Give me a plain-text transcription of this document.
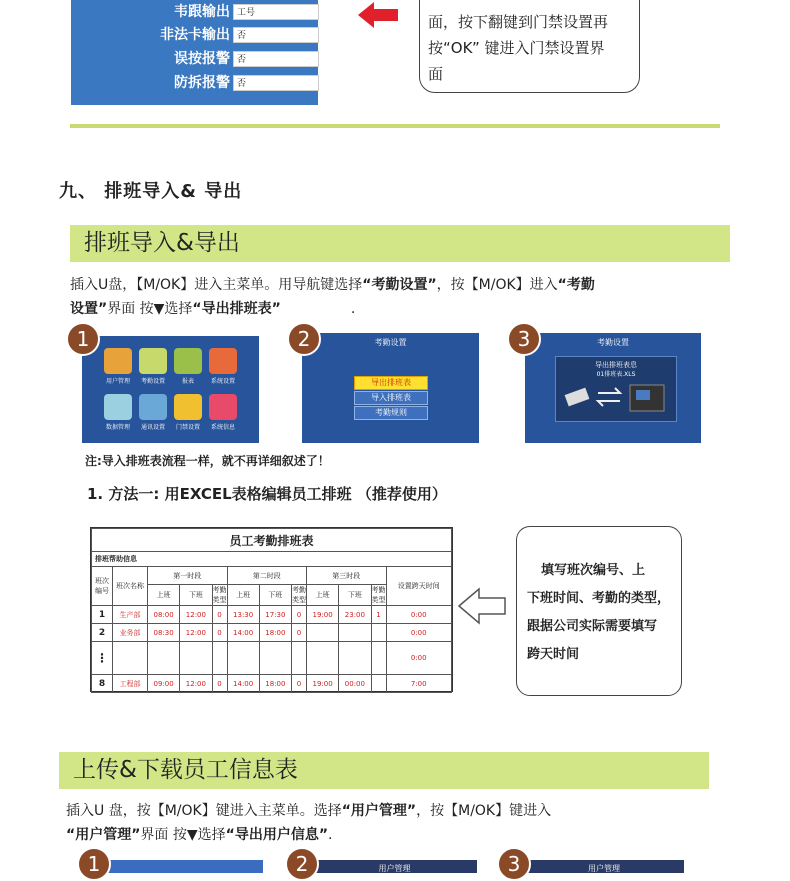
韦跟输出 工号
非法卡输出 否
误按报警 否
防拆报警 否
面，按下翻键到门禁设置再
按“OK” 键进入门禁设置界
面
九、 排班导入& 导出
排班导入&导出
插入U盘，【M/OK】进入主菜单。用导航键选择“考勤设置”，按【M/OK】进入“考勤
设置”界面 按▼选择“导出排班表”	.
用户管理	考勤设置	报表	系统设置
数据管理	通讯设置	门禁设置	系统信息
1	考勤设置
导出排班表
导入排班表
考勤规则
2	考勤设置
导出排班表息
01排班表.XLS
3
注:导入排班表流程一样，就不再详细叙述了！
1. 方法一: 用EXCEL表格编辑员工排班 （推荐使用）
员工考勤排班表											
排班帮助信息											
班次编号	班次名称	第一时段			第二时段			第三时段			设置跨天时间
		上班	下班	考勤类型	上班	下班	考勤类型	上班	下班	考勤类型	
1	生产部	08:00	12:00	0	13:30	17:30	0	19:00	23:00	1	0:00
2	业务部	08:30	12:00	0	14:00	18:00	0				0:00
⋮											0:00
8	工程部	09:00	12:00	0	14:00	18:00	0	19:00	00:00		7:00
填写班次编号、上
下班时间、考勤的类型，
跟据公司实际需要填写
跨天时间
上传&下载员工信息表
插入U 盘，按【M/OK】键进入主菜单。选择“用户管理”，按【M/OK】键进入
“用户管理”界面 按▼选择“导出用户信息”.
1	用户管理
2	用户管理
3
